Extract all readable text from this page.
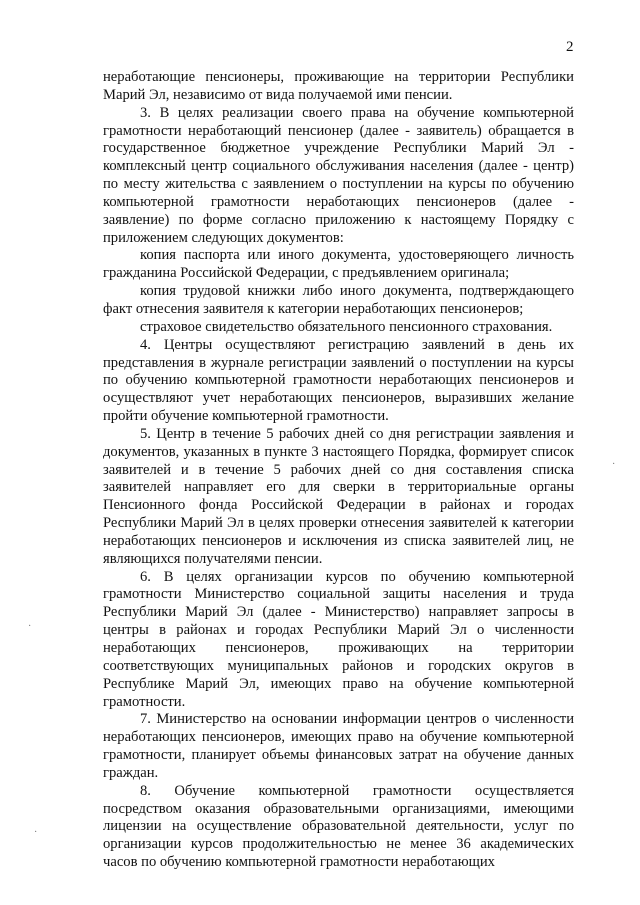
2

неработающие пенсионеры, проживающие на территории Республики Марий Эл, независимо от вида получаемой ими пенсии.

3. В целях реализации своего права на обучение компьютерной грамотности неработающий пенсионер (далее - заявитель) обращается в государственное бюджетное учреждение Республики Марий Эл - комплексный центр социального обслуживания населения (далее - центр) по месту жительства с заявлением о поступлении на курсы по обучению компьютерной грамотности неработающих пенсионеров (далее - заявление) по форме согласно приложению к настоящему Порядку с приложением следующих документов:

копия паспорта или иного документа, удостоверяющего личность гражданина Российской Федерации, с предъявлением оригинала;

копия трудовой книжки либо иного документа, подтверждающего факт отнесения заявителя к категории неработающих пенсионеров;

страховое свидетельство обязательного пенсионного страхования.

4. Центры осуществляют регистрацию заявлений в день их представления в журнале регистрации заявлений о поступлении на курсы по обучению компьютерной грамотности неработающих пенсионеров и осуществляют учет неработающих пенсионеров, выразивших желание пройти обучение компьютерной грамотности.

5. Центр в течение 5 рабочих дней со дня регистрации заявления и документов, указанных в пункте 3 настоящего Порядка, формирует список заявителей и в течение 5 рабочих дней со дня составления списка заявителей направляет его для сверки в территориальные органы Пенсионного фонда Российской Федерации в районах и городах Республики Марий Эл в целях проверки отнесения заявителей к категории неработающих пенсионеров и исключения из списка заявителей лиц, не являющихся получателями пенсии.

6. В целях организации курсов по обучению компьютерной грамотности Министерство социальной защиты населения и труда Республики Марий Эл (далее - Министерство) направляет запросы в центры в районах и городах Республики Марий Эл о численности неработающих пенсионеров, проживающих на территории соответствующих муниципальных районов и городских округов в Республике Марий Эл, имеющих право на обучение компьютерной грамотности.

7. Министерство на основании информации центров о численности неработающих пенсионеров, имеющих право на обучение компьютерной грамотности, планирует объемы финансовых затрат на обучение данных граждан.

8. Обучение компьютерной грамотности осуществляется посредством оказания образовательными организациями, имеющими лицензии на осуществление образовательной деятельности, услуг по организации курсов продолжительностью не менее 36 академических часов по обучению компьютерной грамотности неработающих

·
·
·
